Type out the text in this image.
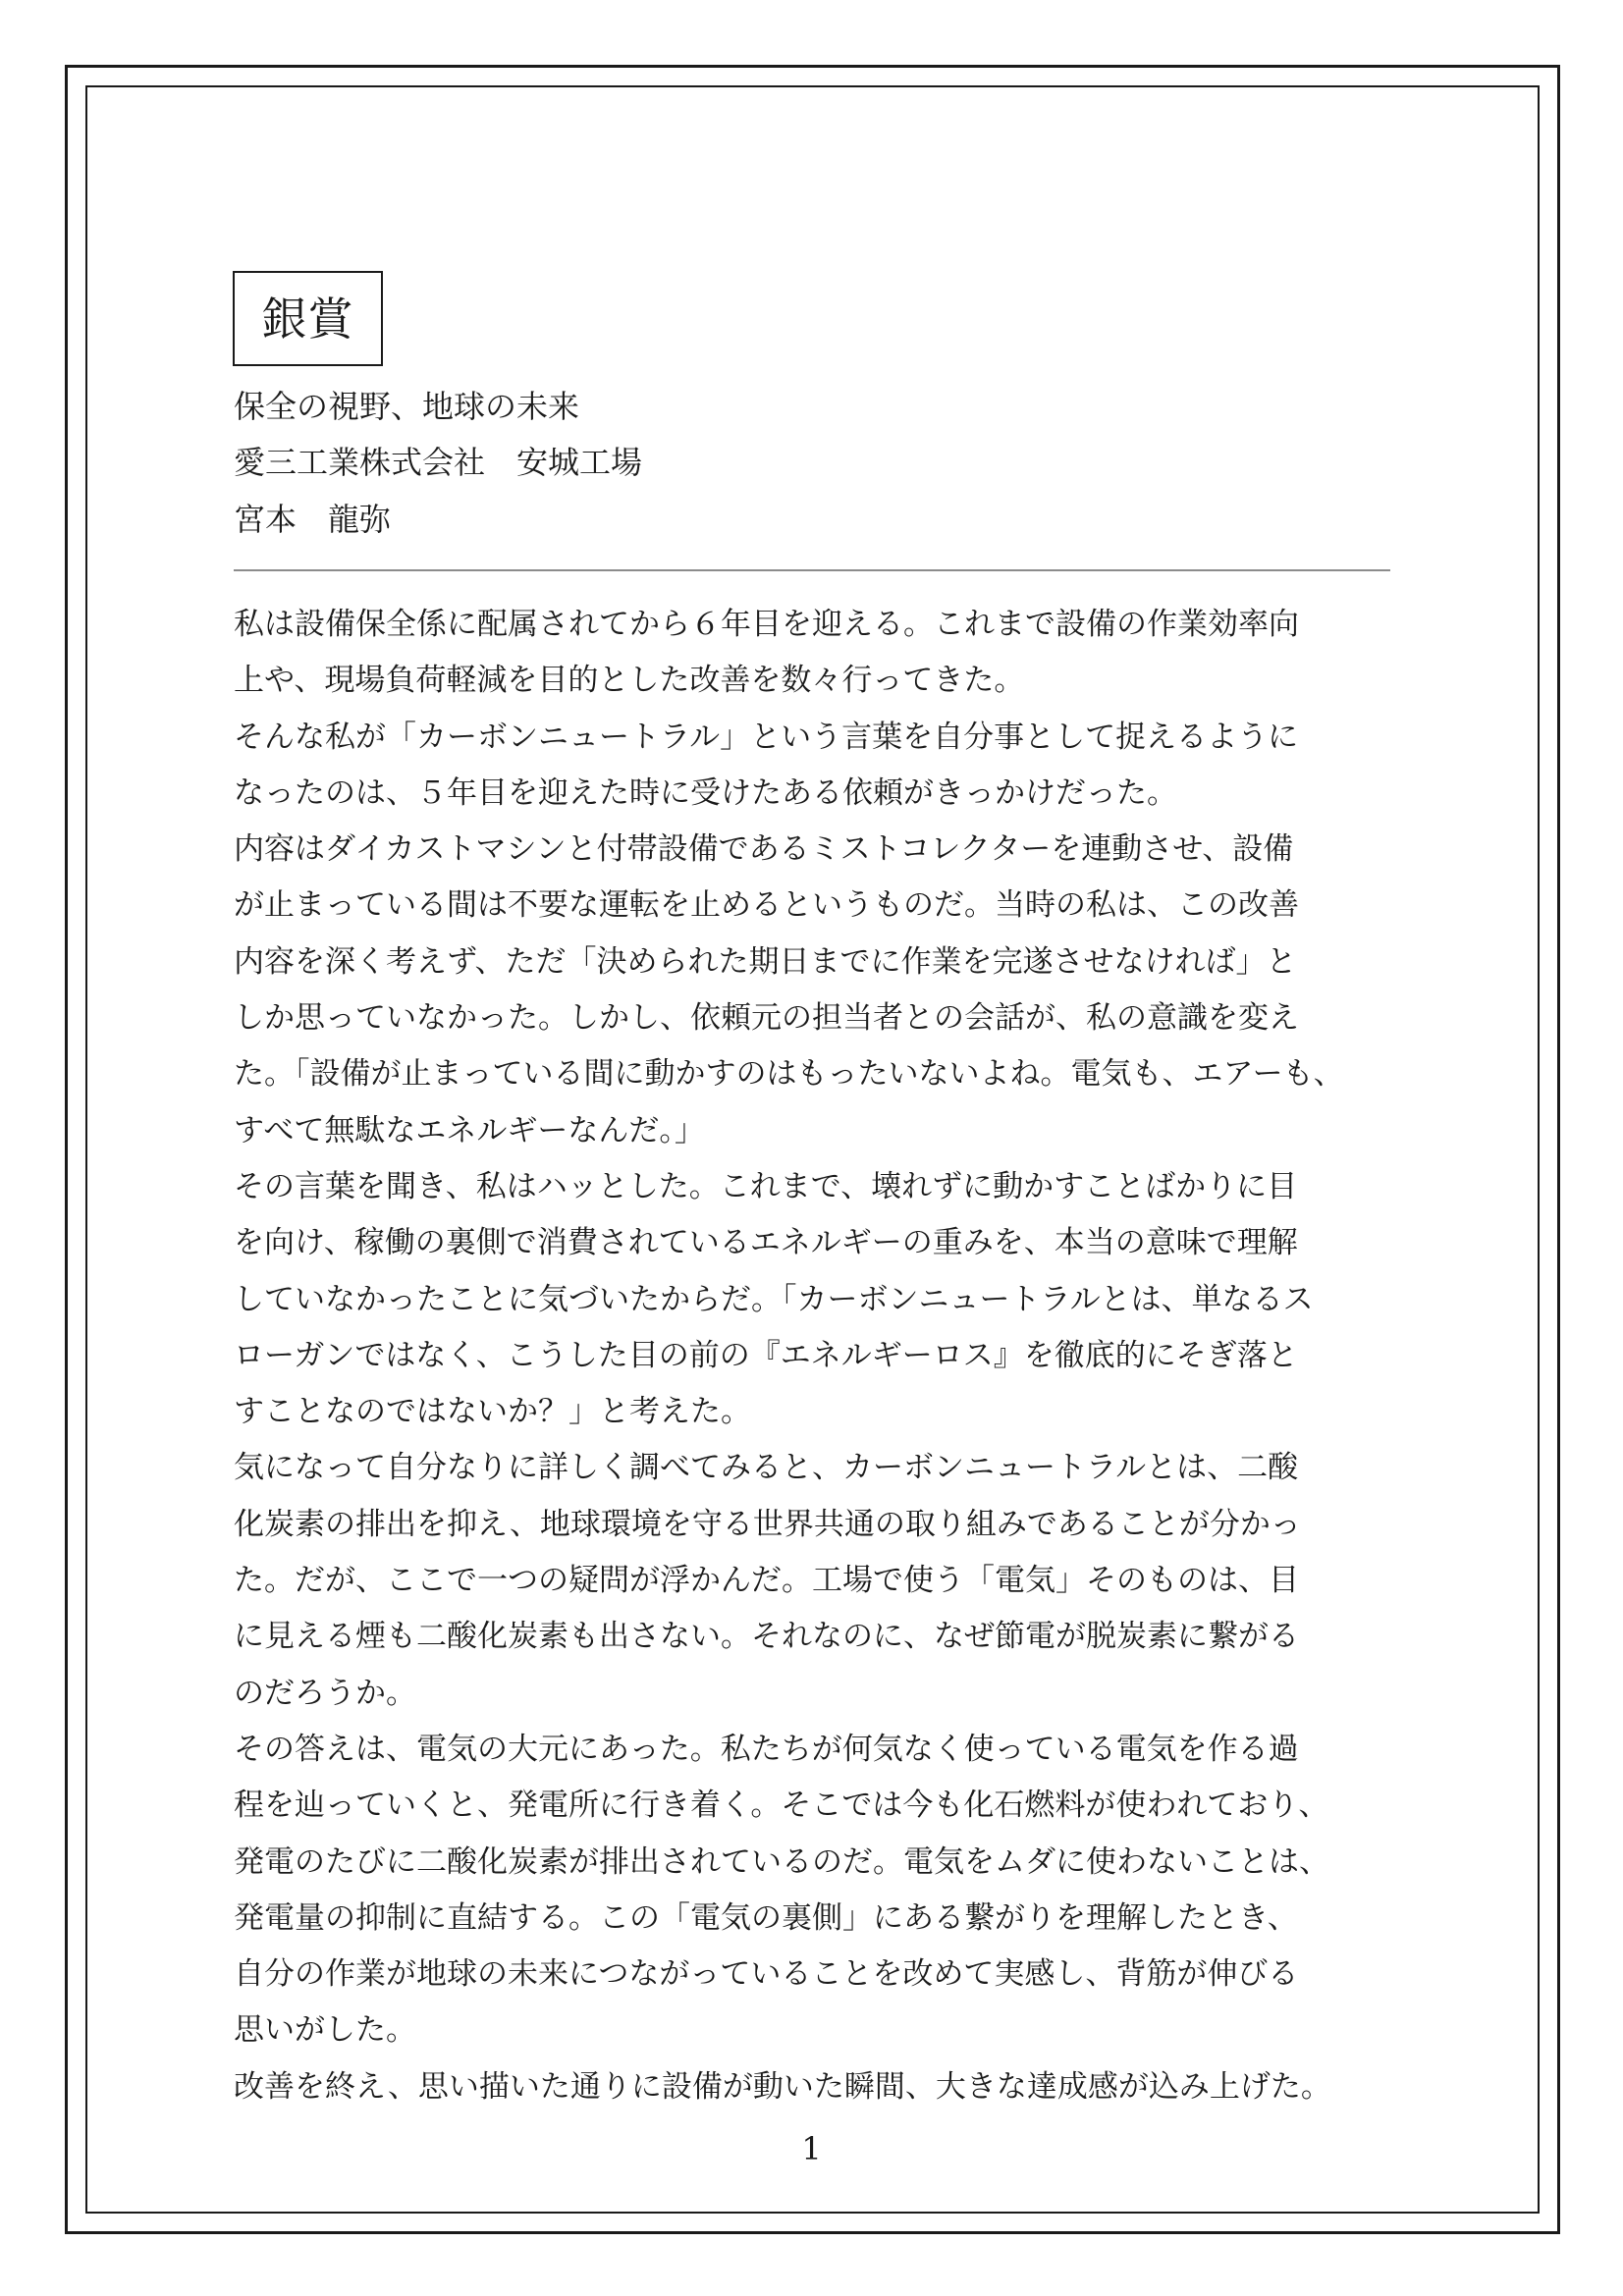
銀賞
保全の視野、地球の未来
愛三工業株式会社　安城工場
宮本　龍弥
私は設備保全係に配属されてから６年目を迎える。これまで設備の作業効率向
上や、現場負荷軽減を目的とした改善を数々行ってきた。
そんな私が「カーボンニュートラル」という言葉を自分事として捉えるように
なったのは、５年目を迎えた時に受けたある依頼がきっかけだった。
内容はダイカストマシンと付帯設備であるミストコレクターを連動させ、設備
が止まっている間は不要な運転を止めるというものだ。当時の私は、この改善
内容を深く考えず、ただ「決められた期日までに作業を完遂させなければ」と
しか思っていなかった。しかし、依頼元の担当者との会話が、私の意識を変え
た。「設備が止まっている間に動かすのはもったいないよね。電気も、エアーも、
すべて無駄なエネルギーなんだ。」
その言葉を聞き、私はハッとした。これまで、壊れずに動かすことばかりに目
を向け、稼働の裏側で消費されているエネルギーの重みを、本当の意味で理解
していなかったことに気づいたからだ。「カーボンニュートラルとは、単なるス
ローガンではなく、こうした目の前の『エネルギーロス』を徹底的にそぎ落と
すことなのではないか？」と考えた。
気になって自分なりに詳しく調べてみると、カーボンニュートラルとは、二酸
化炭素の排出を抑え、地球環境を守る世界共通の取り組みであることが分かっ
た。だが、ここで一つの疑問が浮かんだ。工場で使う「電気」そのものは、目
に見える煙も二酸化炭素も出さない。それなのに、なぜ節電が脱炭素に繋がる
のだろうか。
その答えは、電気の大元にあった。私たちが何気なく使っている電気を作る過
程を辿っていくと、発電所に行き着く。そこでは今も化石燃料が使われており、
発電のたびに二酸化炭素が排出されているのだ。電気をムダに使わないことは、
発電量の抑制に直結する。この「電気の裏側」にある繋がりを理解したとき、
自分の作業が地球の未来につながっていることを改めて実感し、背筋が伸びる
思いがした。
改善を終え、思い描いた通りに設備が動いた瞬間、大きな達成感が込み上げた。
1
